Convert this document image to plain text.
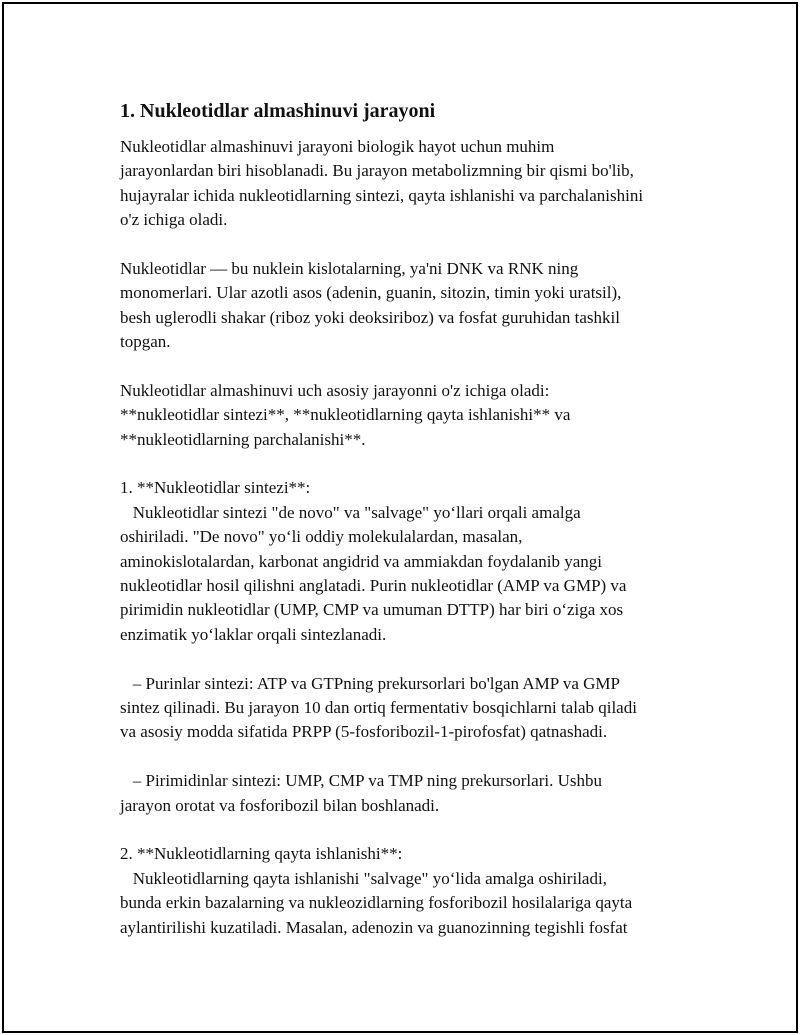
1. Nukleotidlar almashinuvi jarayoni
Nukleotidlar almashinuvi jarayoni biologik hayot uchun muhim
jarayonlardan biri hisoblanadi. Bu jarayon metabolizmning bir qismi bo'lib,
hujayralar ichida nukleotidlarning sintezi, qayta ishlanishi va parchalanishini
o'z ichiga oladi.
Nukleotidlar — bu nuklein kislotalarning, ya'ni DNK va RNK ning
monomerlari. Ular azotli asos (adenin, guanin, sitozin, timin yoki uratsil),
besh uglerodli shakar (riboz yoki deoksiriboz) va fosfat guruhidan tashkil
topgan.
Nukleotidlar almashinuvi uch asosiy jarayonni o'z ichiga oladi:
**nukleotidlar sintezi**, **nukleotidlarning qayta ishlanishi** va
**nukleotidlarning parchalanishi**.
1. **Nukleotidlar sintezi**:
Nukleotidlar sintezi "de novo" va "salvage" yo‘llari orqali amalga
oshiriladi. "De novo" yo‘li oddiy molekulalardan, masalan,
aminokislotalardan, karbonat angidrid va ammiakdan foydalanib yangi
nukleotidlar hosil qilishni anglatadi. Purin nukleotidlar (AMP va GMP) va
pirimidin nukleotidlar (UMP, CMP va umuman DTTP) har biri o‘ziga xos
enzimatik yo‘laklar orqali sintezlanadi.
– Purinlar sintezi: ATP va GTPning prekursorlari bo'lgan AMP va GMP
sintez qilinadi. Bu jarayon 10 dan ortiq fermentativ bosqichlarni talab qiladi
va asosiy modda sifatida PRPP (5-fosforibozil-1-pirofosfat) qatnashadi.
– Pirimidinlar sintezi: UMP, CMP va TMP ning prekursorlari. Ushbu
jarayon orotat va fosforibozil bilan boshlanadi.
2. **Nukleotidlarning qayta ishlanishi**:
Nukleotidlarning qayta ishlanishi "salvage" yo‘lida amalga oshiriladi,
bunda erkin bazalarning va nukleozidlarning fosforibozil hosilalariga qayta
aylantirilishi kuzatiladi. Masalan, adenozin va guanozinning tegishli fosfat
